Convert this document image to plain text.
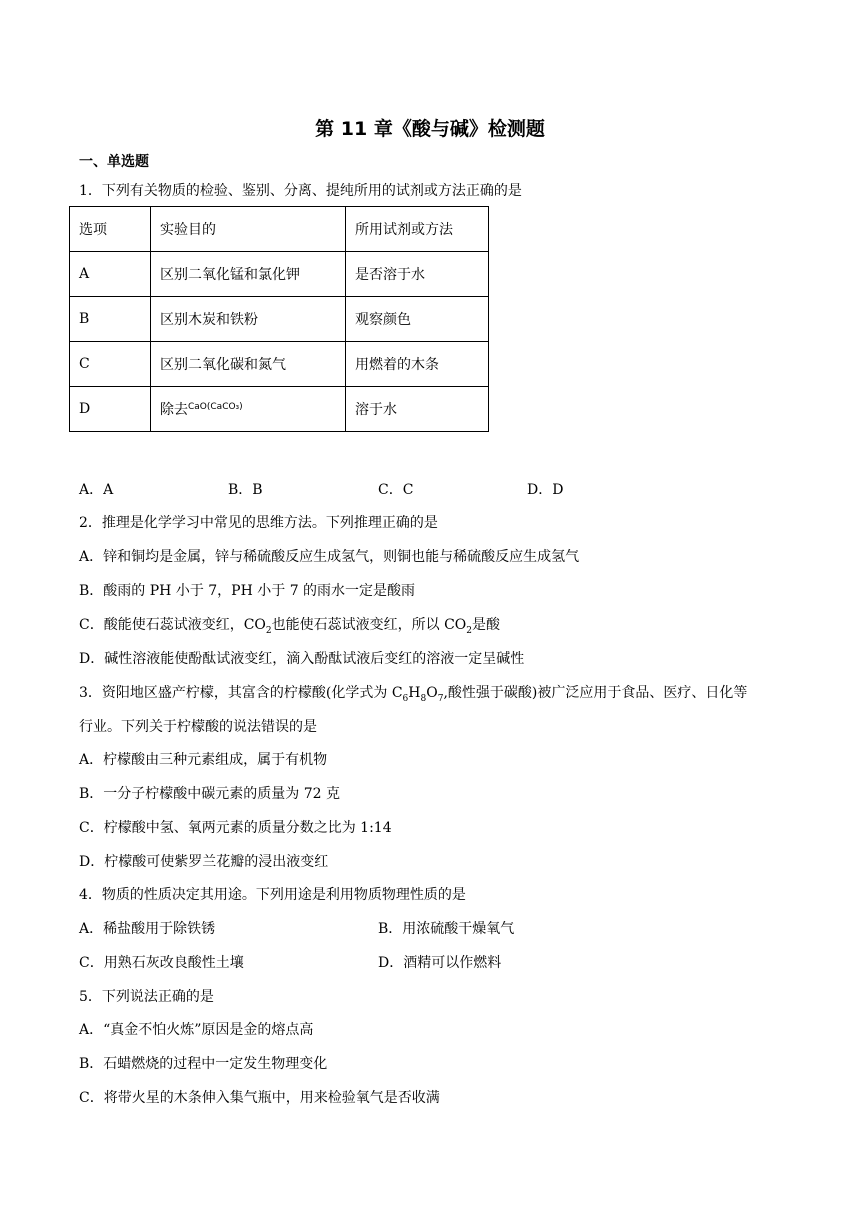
第 11 章《酸与碱》检测题
一、单选题
1．下列有关物质的检验、鉴别、分离、提纯所用的试剂或方法正确的是
选项	实验目的	所用试剂或方法
A	区别二氧化锰和氯化钾	是否溶于水
B	区别木炭和铁粉	观察颜色
C	区别二氧化碳和氮气	用燃着的木条
D	除去$^{CaO(CaCO_3)}$	溶于水
A．A	B．B	C．C	D．D
2．推理是化学学习中常见的思维方法。下列推理正确的是
A．锌和铜均是金属，锌与稀硫酸反应生成氢气，则铜也能与稀硫酸反应生成氢气
B．酸雨的 PH 小于 7，PH 小于 7 的雨水一定是酸雨
C．酸能使石蕊试液变红，$CO_2$也能使石蕊试液变红，所以 $CO_2$是酸
D．碱性溶液能使酚酞试液变红，滴入酚酞试液后变红的溶液一定呈碱性
3．资阳地区盛产柠檬，其富含的柠檬酸(化学式为 $C_6H_8O_7$,酸性强于碳酸)被广泛应用于食品、医疗、日化等
行业。下列关于柠檬酸的说法错误的是
A．柠檬酸由三种元素组成，属于有机物
B．一分子柠檬酸中碳元素的质量为 72 克
C．柠檬酸中氢、氧两元素的质量分数之比为 1:14
D．柠檬酸可使紫罗兰花瓣的浸出液变红
4．物质的性质决定其用途。下列用途是利用物质物理性质的是
A．稀盐酸用于除铁锈	B．用浓硫酸干燥氧气
C．用熟石灰改良酸性土壤	D．酒精可以作燃料
5．下列说法正确的是
A．“真金不怕火炼”原因是金的熔点高
B．石蜡燃烧的过程中一定发生物理变化
C．将带火星的木条伸入集气瓶中，用来检验氧气是否收满
